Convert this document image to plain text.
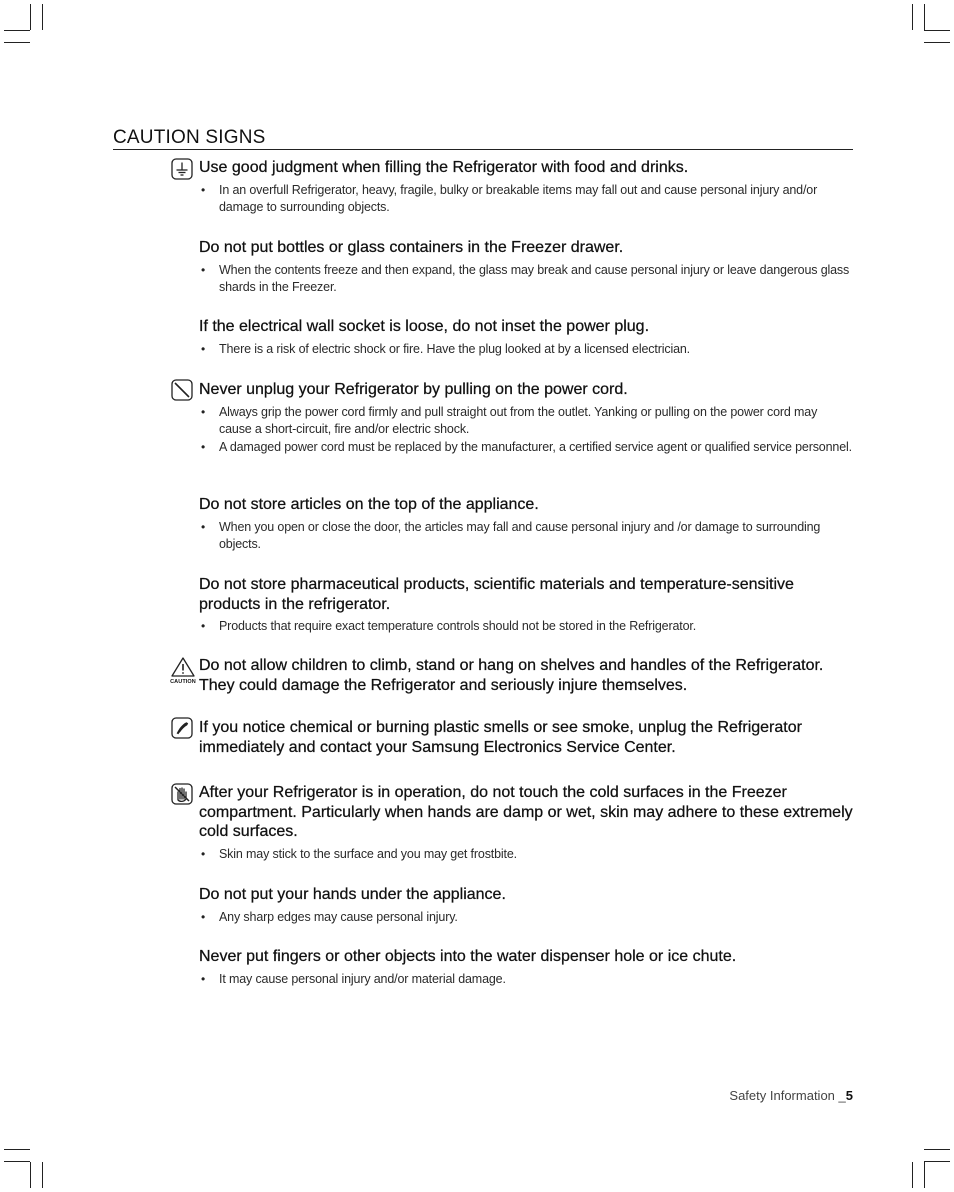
CAUTION SIGNS
CAUTION
Use good judgment when filling the Refrigerator with food and drinks.
• In an overfull Refrigerator, heavy, fragile, bulky or breakable items may fall out and cause personal injury and/or damage to surrounding objects.
Do not put bottles or glass containers in the Freezer drawer.
• When the contents freeze and then expand, the glass may break and cause personal injury or leave dangerous glass shards in the Freezer.
If the electrical wall socket is loose, do not inset the power plug.
• There is a risk of electric shock or fire. Have the plug looked at by a licensed electrician.
Never unplug your Refrigerator by pulling on the power cord.
• Always grip the power cord firmly and pull straight out from the outlet. Yanking or pulling on the power cord may cause a short-circuit, fire and/or electric shock.
• A damaged power cord must be replaced by the manufacturer, a certified service agent or qualified service personnel.
Do not store articles on the top of the appliance.
• When you open or close the door, the articles may fall and cause personal injury and /or damage to surrounding objects.
Do not store pharmaceutical products, scientific materials and temperature-sensitive products in the refrigerator.
• Products that require exact temperature controls should not be stored in the Refrigerator.
Do not allow children to climb, stand or hang on shelves and handles of the Refrigerator. They could damage the Refrigerator and seriously injure themselves.
If you notice chemical or burning plastic smells or see smoke, unplug the Refrigerator immediately and contact your Samsung Electronics Service Center.
After your Refrigerator is in operation, do not touch the cold surfaces in the Freezer compartment. Particularly when hands are damp or wet, skin may adhere to these extremely cold surfaces.
• Skin may stick to the surface and you may get frostbite.
Do not put your hands under the appliance.
• Any sharp edges may cause personal injury.
Never put fingers or other objects into the water dispenser hole or ice chute.
• It may cause personal injury and/or material damage.
Safety Information _5
